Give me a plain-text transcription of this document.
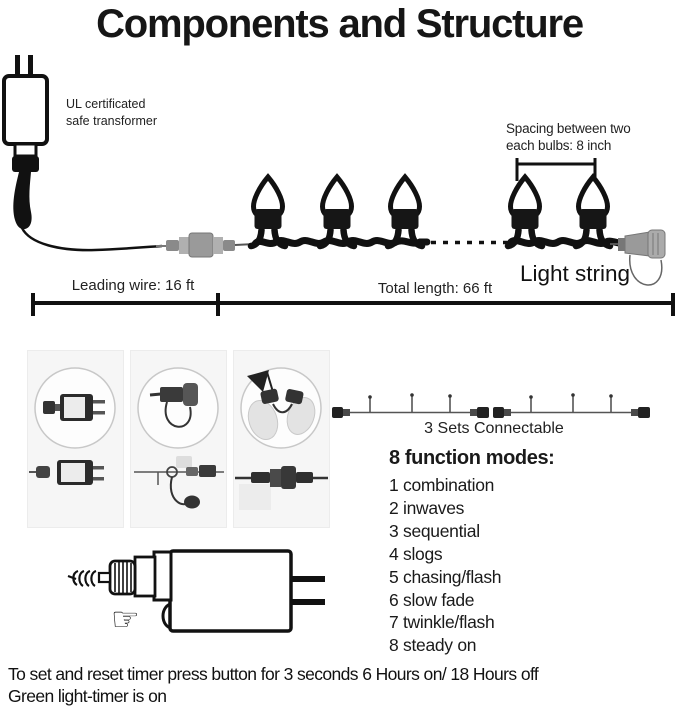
Components and Structure
UL certificated
safe transformer	Spacing between two
each bulbs: 8 inch
Light string
Leading wire: 16 ft	Total length: 66 ft
3 Sets Connectable
8 function modes:
1 combination
2 inwaves
3 sequential
4 slogs
5 chasing/flash
6 slow fade
7 twinkle/flash
8 steady on
☞
To set and reset timer press button for 3 seconds 6 Hours on/ 18 Hours off
Green light-timer is on
